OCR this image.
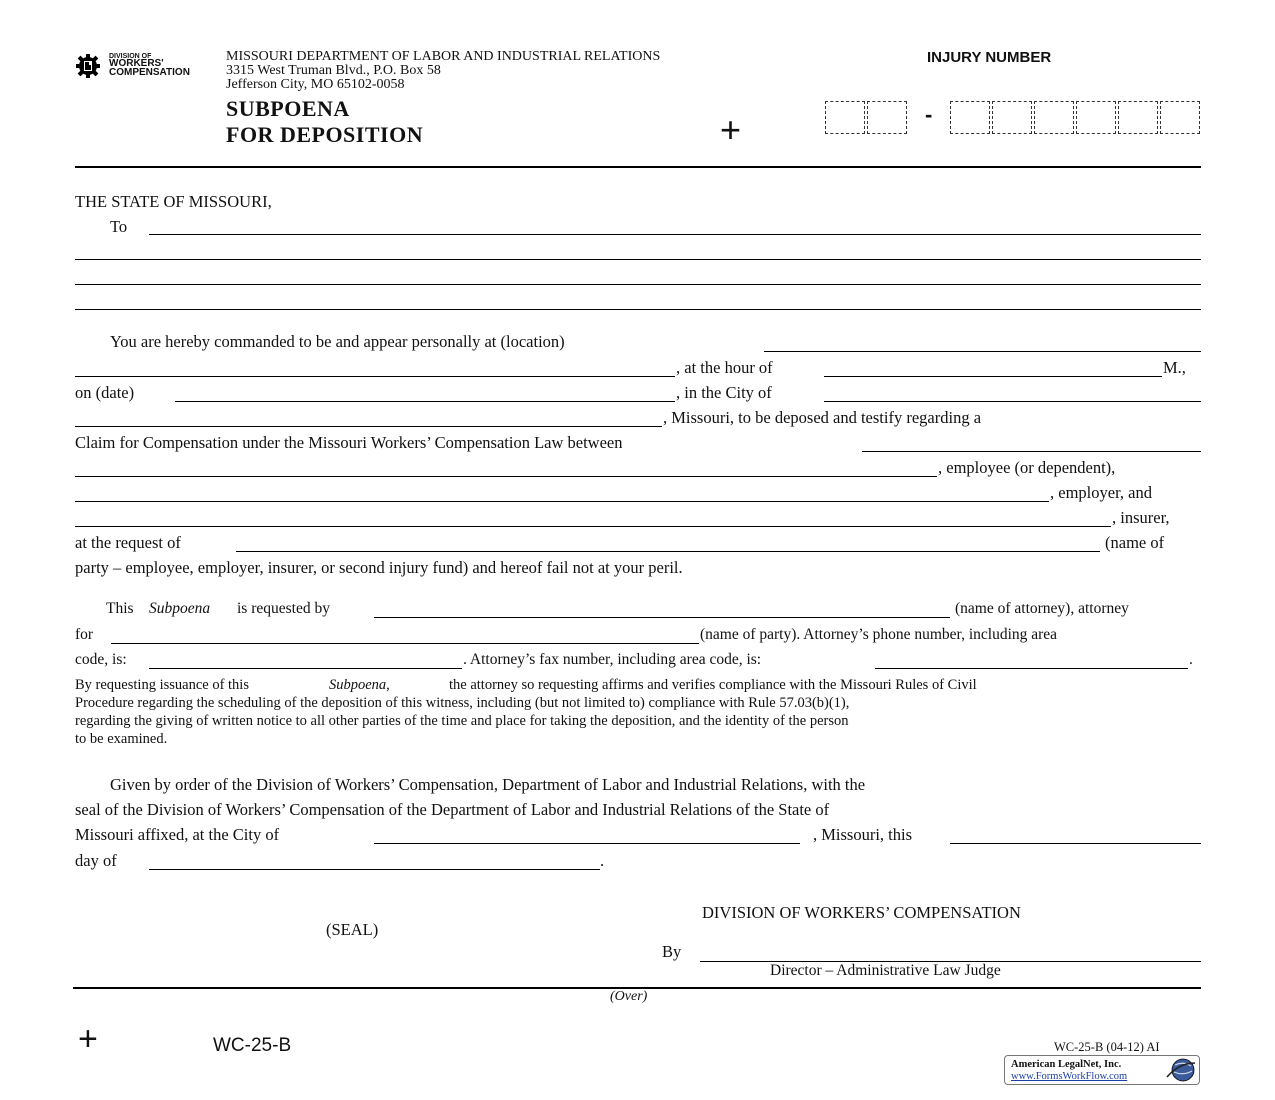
DIVISION OF
WORKERS'
COMPENSATION
MISSOURI DEPARTMENT OF LABOR AND INDUSTRIAL RELATIONS
3315 West Truman Blvd., P.O. Box 58
Jefferson City, MO 65102-0058
SUBPOENA
FOR DEPOSITION	+
INJURY NUMBER
-
THE STATE OF MISSOURI,
To
You are hereby commanded to be and appear personally at (location)
, at the hour of	M.,
on (date)	, in the City of
, Missouri, to be deposed and testify regarding a
Claim for Compensation under the Missouri Workers’ Compensation Law between
, employee (or dependent),
, employer, and
, insurer,
at the request of	(name of
party – employee, employer, insurer, or second injury fund) and hereof fail not at your peril.
This Subpoena is requested by	(name of attorney), attorney
for	(name of party). Attorney’s phone number, including area
code, is:	. Attorney’s fax number, including area code, is:	.
By requesting issuance of this	Subpoena,	the attorney so requesting affirms and verifies compliance with the Missouri Rules of Civil
Procedure regarding the scheduling of the deposition of this witness, including (but not limited to) compliance with Rule 57.03(b)(1),
regarding the giving of written notice to all other parties of the time and place for taking the deposition, and the identity of the person
to be examined.
Given by order of the Division of Workers’ Compensation, Department of Labor and Industrial Relations, with the
seal of the Division of Workers’ Compensation of the Department of Labor and Industrial Relations of the State of
Missouri affixed, at the City of	, Missouri, this
day of	.
DIVISION OF WORKERS’ COMPENSATION
(SEAL)
By
Director – Administrative Law Judge
(Over)
+	WC-25-B	WC-25-B (04-12) AI
American LegalNet, Inc.
www.FormsWorkFlow.com
